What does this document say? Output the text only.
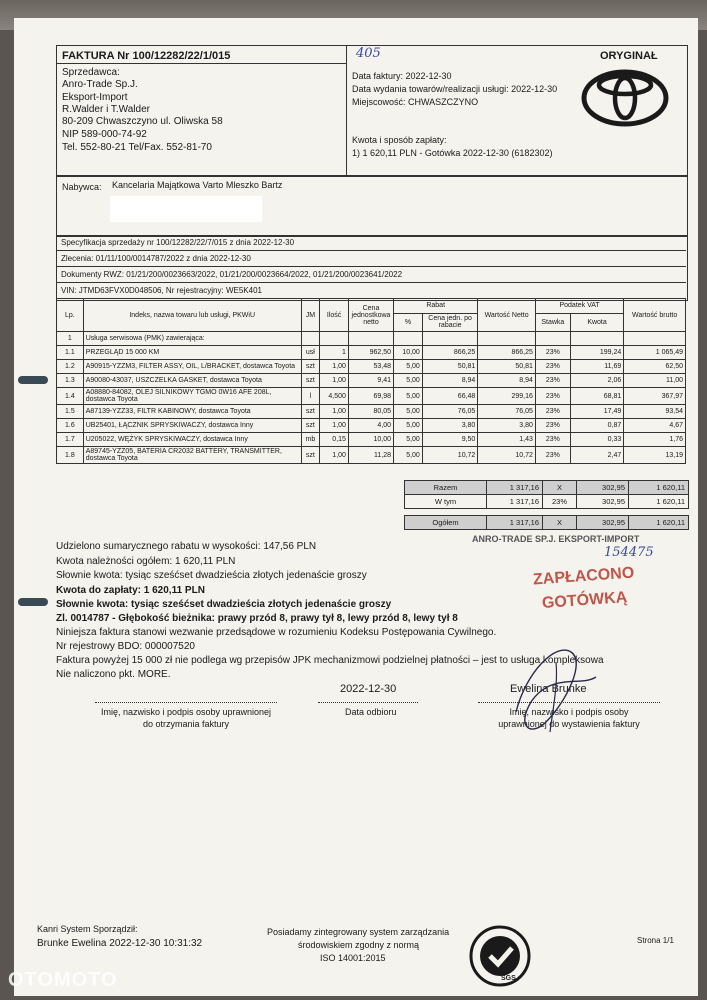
FAKTURA Nr 100/12282/22/1/015	405	ORYGINAŁ
Sprzedawca:
Anro-Trade Sp.J.
Eksport-Import
R.Walder i T.Walder
80-209 Chwaszczyno ul. Oliwska 58
NIP 589-000-74-92
Tel. 552-80-21 Tel/Fax. 552-81-70
Data faktury: 2022-12-30
Data wydania towarów/realizacji usługi: 2022-12-30
Miejscowość: CHWASZCZYNO
Kwota i sposób zapłaty:
1) 1 620,11 PLN - Gotówka 2022-12-30 (6182302)
Nabywca: Kancelaria Majątkowa Varto Mleszko Bartz
Specyfikacja sprzedaży nr 100/12282/22/7/015 z dnia 2022-12-30
Zlecenia: 01/11/100/0014787/2022 z dnia 2022-12-30
Dokumenty RWZ: 01/21/200/0023663/2022, 01/21/200/0023664/2022, 01/21/200/0023641/2022
VIN: JTMD63FVX0D048506, Nr rejestracyjny: WE5K401
Lp.	Indeks, nazwa towaru lub usługi, PKWiU	JM	Ilość	Cena jednostkowa netto	Rabat		Wartość Netto	Podatek VAT		Wartość brutto
					%	Cena jedn. po rabacie		Stawka	Kwota	
1	Usługa serwisowa (PMK) zawierająca:									
1.1	PRZEGLĄD 15 000 KM	usł	1	962,50	10,00	866,25	866,25	23%	199,24	1 065,49
1.2	A90915-YZZM3, FILTER ASSY, OIL, L/BRACKET, dostawca Toyota	szt	1,00	53,48	5,00	50,81	50,81	23%	11,69	62,50
1.3	A90080-43037, USZCZELKA GASKET, dostawca Toyota	szt	1,00	9,41	5,00	8,94	8,94	23%	2,06	11,00
1.4	A08880-84082, OLEJ SILNIKOWY TGMO 0W16 AFE 208L, dostawca Toyota	l	4,500	69,98	5,00	66,48	299,16	23%	68,81	367,97
1.5	A87139-YZZ33, FILTR KABINOWY, dostawca Toyota	szt	1,00	80,05	5,00	76,05	76,05	23%	17,49	93,54
1.6	UB25401, ŁĄCZNIK SPRYSKIWACZY, dostawca Inny	szt	1,00	4,00	5,00	3,80	3,80	23%	0,87	4,67
1.7	U205022, WĘŻYK SPRYSKIWACZY, dostawca Inny	mb	0,15	10,00	5,00	9,50	1,43	23%	0,33	1,76
1.8	A89745-YZZ05, BATERIA CR2032 BATTERY, TRANSMITTER, dostawca Toyota	szt	1,00	11,28	5,00	10,72	10,72	23%	2,47	13,19
Razem	1 317,16	X	302,95	1 620,11
W tym	1 317,16	23%	302,95	1 620,11

Ogółem	1 317,16	X	302,95	1 620,11
Udzielono sumarycznego rabatu w wysokości: 147,56 PLN
Kwota należności ogółem: 1 620,11 PLN
Słownie kwota: tysiąc sześćset dwadzieścia złotych jedenaście groszy
Kwota do zapłaty: 1 620,11 PLN
Słownie kwota: tysiąc sześćset dwadzieścia złotych jedenaście groszy
Zl. 0014787 - Głębokość bieżnika: prawy przód 8, prawy tył 8, lewy przód 8, lewy tył 8
Niniejsza faktura stanowi wezwanie przedsądowe w rozumieniu Kodeksu Postępowania Cywilnego.
Nr rejestrowy BDO: 000007520
Faktura powyżej 15 000 zł nie podlega wg przepisów JPK mechanizmowi podzielnej płatności – jest to usługa kompleksowa
Nie naliczono pkt. MORE.
ANRO-TRADE SP.J. EKSPORT-IMPORT
154475
ZAPŁACONO
GOTÓWKĄ
Imię, nazwisko i podpis osoby uprawnionej
do otrzymania faktury
2022-12-30
Data odbioru
Ewelina Brunke
Imię, nazwisko i podpis osoby
uprawnionej do wystawienia faktury
Kanri System Sporządził:
Brunke Ewelina 2022-12-30 10:31:32
Posiadamy zintegrowany system zarządzania
środowiskiem zgodny z normą
ISO 14001:2015
SGS
Strona 1/1
OTOMOTO
